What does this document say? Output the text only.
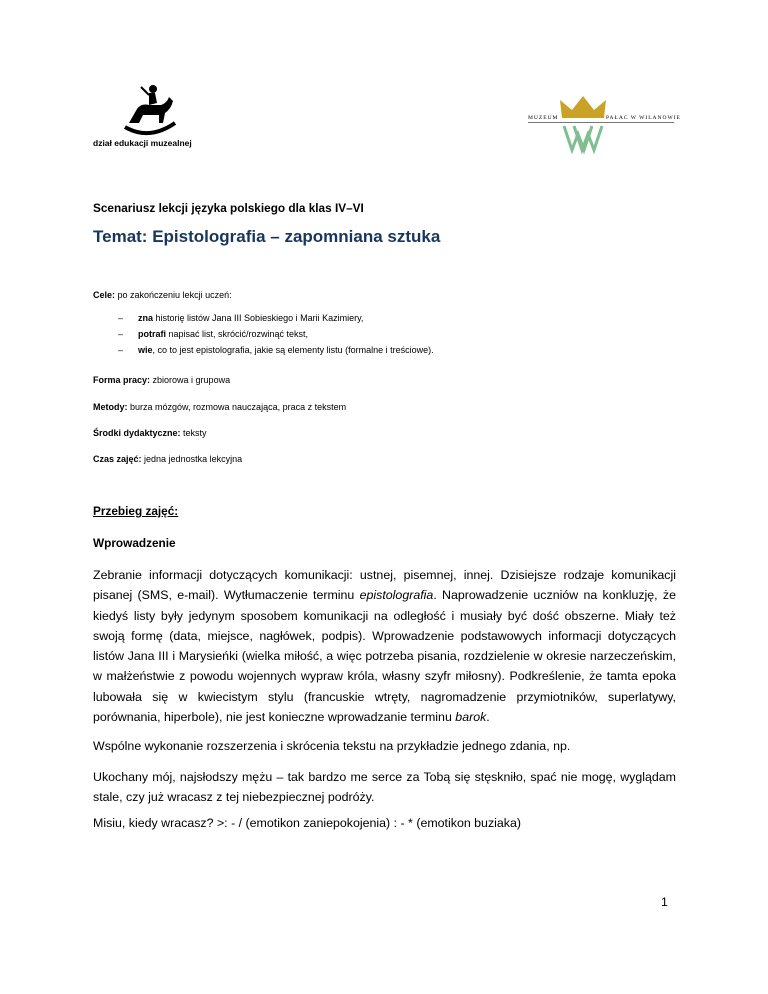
dział edukacji muzealnej
MUZEUM	PAŁAC W WILANOWIE
Scenariusz lekcji języka polskiego dla klas IV–VI
Temat: Epistolografia – zapomniana sztuka
Cele: po zakończeniu lekcji uczeń:
– zna historię listów Jana III Sobieskiego i Marii Kazimiery,
– potrafi napisać list, skrócić/rozwinąć tekst,
– wie, co to jest epistolografia, jakie są elementy listu (formalne i treściowe).
Forma pracy: zbiorowa i grupowa
Metody: burza mózgów, rozmowa nauczająca, praca z tekstem
Środki dydaktyczne: teksty
Czas zajęć: jedna jednostka lekcyjna
Przebieg zajęć:
Wprowadzenie
Zebranie informacji dotyczących komunikacji: ustnej, pisemnej, innej. Dzisiejsze rodzaje komunikacji pisanej (SMS, e-mail). Wytłumaczenie terminu epistolografia. Naprowadzenie uczniów na konkluzję, że kiedyś listy były jedynym sposobem komunikacji na odległość i musiały być dość obszerne. Miały też swoją formę (data, miejsce, nagłówek, podpis). Wprowadzenie podstawowych informacji dotyczących listów Jana III i Marysieńki (wielka miłość, a więc potrzeba pisania, rozdzielenie w okresie narzeczeńskim, w małżeństwie z powodu wojennych wypraw króla, własny szyfr miłosny). Podkreślenie, że tamta epoka lubowała się w kwiecistym stylu (francuskie wtręty, nagromadzenie przymiotników, superlatywy, porównania, hiperbole), nie jest konieczne wprowadzanie terminu barok.
Wspólne wykonanie rozszerzenia i skrócenia tekstu na przykładzie jednego zdania, np.
Ukochany mój, najsłodszy mężu – tak bardzo me serce za Tobą się stęskniło, spać nie mogę, wyglądam stale, czy już wracasz z tej niebezpiecznej podróży.
Misiu, kiedy wracasz? >: - / (emotikon zaniepokojenia) : - * (emotikon buziaka)
1
